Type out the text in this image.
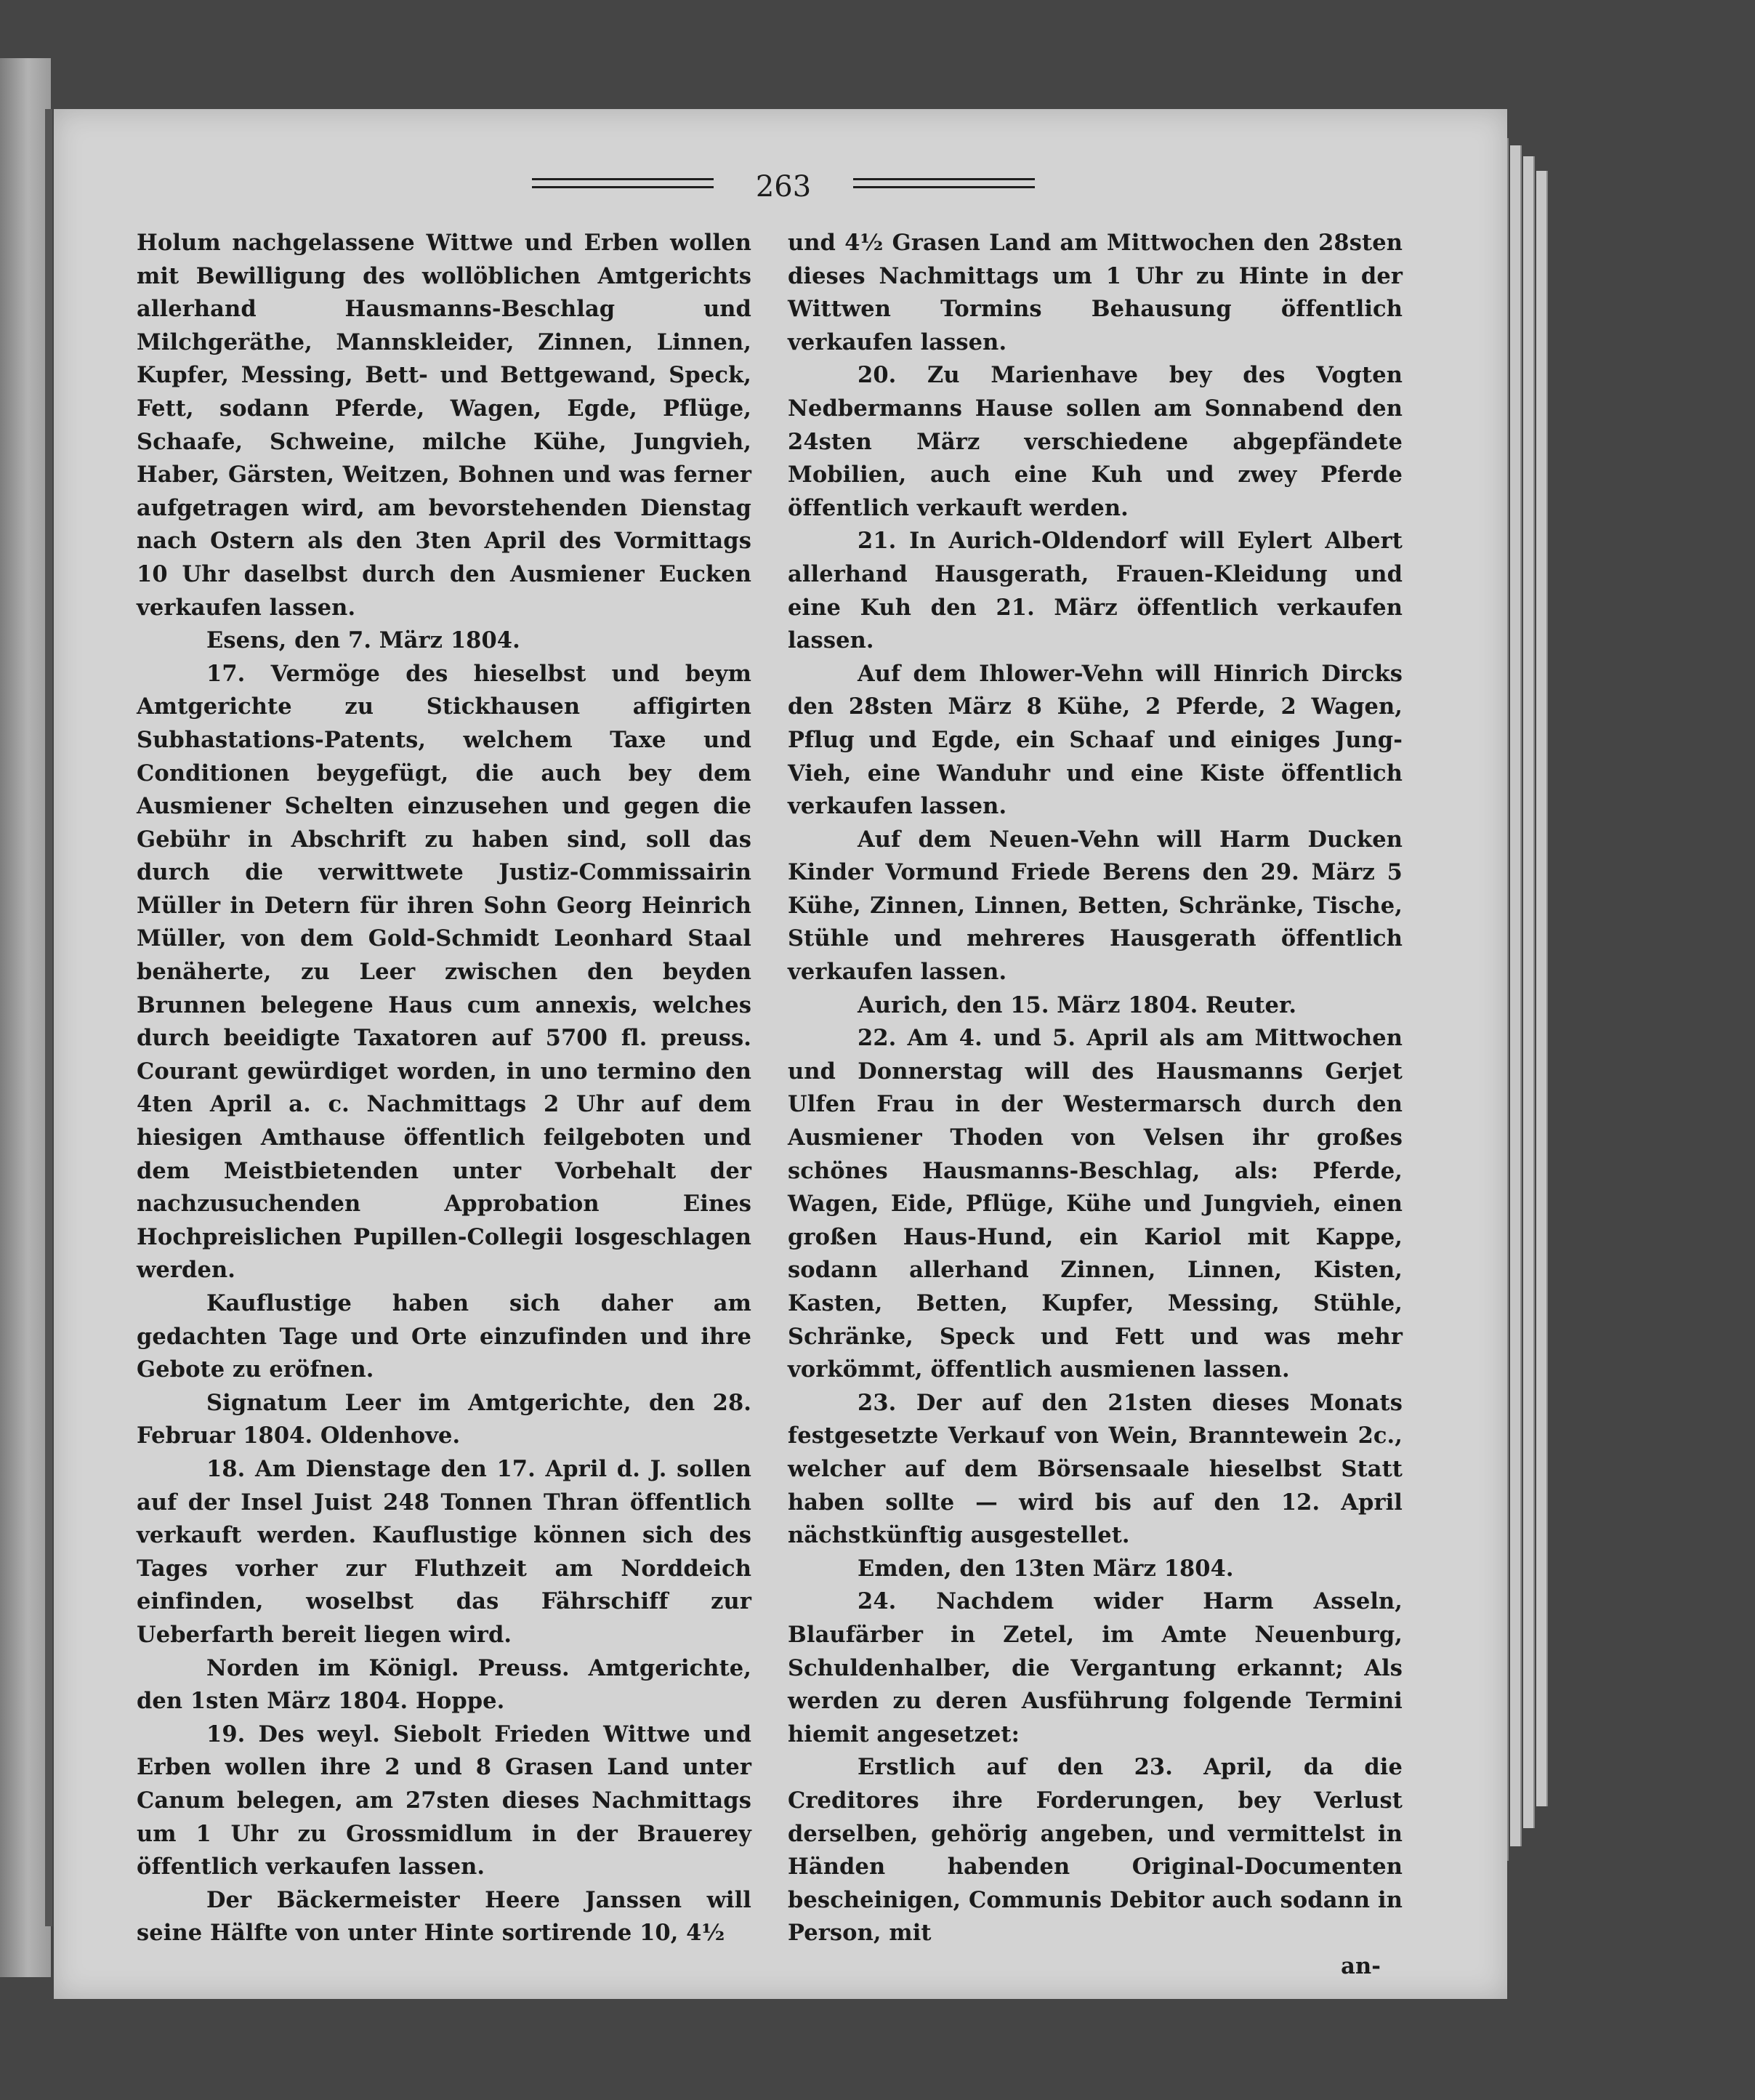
263

Holum nachgelassene Wittwe und Erben wollen mit Bewilligung des wollöblichen Amtgerichts allerhand Hausmanns-Beschlag und Milchgeräthe, Mannskleider, Zinnen, Linnen, Kupfer, Messing, Bett- und Bettgewand, Speck, Fett, sodann Pferde, Wagen, Egde, Pflüge, Schaafe, Schweine, milche Kühe, Jungvieh, Haber, Gärsten, Weitzen, Bohnen und was ferner aufgetragen wird, am bevorstehenden Dienstag nach Ostern als den 3ten April des Vormittags 10 Uhr daselbst durch den Ausmiener Eucken verkaufen lassen.

Esens, den 7. März 1804.

17. Vermöge des hieselbst und beym Amtgerichte zu Stickhausen affigirten Subhastations-Patents, welchem Taxe und Conditionen beygefügt, die auch bey dem Ausmiener Schelten einzusehen und gegen die Gebühr in Abschrift zu haben sind, soll das durch die verwittwete Justiz-Commissairin Müller in Detern für ihren Sohn Georg Heinrich Müller, von dem Gold-Schmidt Leonhard Staal benäherte, zu Leer zwischen den beyden Brunnen belegene Haus cum annexis, welches durch beeidigte Taxatoren auf 5700 fl. preuss. Courant gewürdiget worden, in uno termino den 4ten April a. c. Nachmittags 2 Uhr auf dem hiesigen Amthause öffentlich feilgeboten und dem Meistbietenden unter Vorbehalt der nachzusuchenden Approbation Eines Hochpreislichen Pupillen-Collegii losgeschlagen werden.

Kauflustige haben sich daher am gedachten Tage und Orte einzufinden und ihre Gebote zu eröfnen.

Signatum Leer im Amtgerichte, den 28. Februar 1804. Oldenhove.

18. Am Dienstage den 17. April d. J. sollen auf der Insel Juist 248 Tonnen Thran öffentlich verkauft werden. Kauflustige können sich des Tages vorher zur Fluthzeit am Norddeich einfinden, woselbst das Fährschiff zur Ueberfarth bereit liegen wird.

Norden im Königl. Preuss. Amtgerichte, den 1sten März 1804. Hoppe.

19. Des weyl. Siebolt Frieden Wittwe und Erben wollen ihre 2 und 8 Grasen Land unter Canum belegen, am 27sten dieses Nachmittags um 1 Uhr zu Grossmidlum in der Brauerey öffentlich verkaufen lassen.

Der Bäckermeister Heere Janssen will seine Hälfte von unter Hinte sortirende 10, 4½

und 4½ Grasen Land am Mittwochen den 28sten dieses Nachmittags um 1 Uhr zu Hinte in der Wittwen Tormins Behausung öffentlich verkaufen lassen.

20. Zu Marienhave bey des Vogten Nedbermanns Hause sollen am Sonnabend den 24sten März verschiedene abgepfändete Mobilien, auch eine Kuh und zwey Pferde öffentlich verkauft werden.

21. In Aurich-Oldendorf will Eylert Albert allerhand Hausgerath, Frauen-Kleidung und eine Kuh den 21. März öffentlich verkaufen lassen.

Auf dem Ihlower-Vehn will Hinrich Dircks den 28sten März 8 Kühe, 2 Pferde, 2 Wagen, Pflug und Egde, ein Schaaf und einiges Jung-Vieh, eine Wanduhr und eine Kiste öffentlich verkaufen lassen.

Auf dem Neuen-Vehn will Harm Ducken Kinder Vormund Friede Berens den 29. März 5 Kühe, Zinnen, Linnen, Betten, Schränke, Tische, Stühle und mehreres Hausgerath öffentlich verkaufen lassen.

Aurich, den 15. März 1804. Reuter.

22. Am 4. und 5. April als am Mittwochen und Donnerstag will des Hausmanns Gerjet Ulfen Frau in der Westermarsch durch den Ausmiener Thoden von Velsen ihr großes schönes Hausmanns-Beschlag, als: Pferde, Wagen, Eide, Pflüge, Kühe und Jungvieh, einen großen Haus-Hund, ein Kariol mit Kappe, sodann allerhand Zinnen, Linnen, Kisten, Kasten, Betten, Kupfer, Messing, Stühle, Schränke, Speck und Fett und was mehr vorkömmt, öffentlich ausmienen lassen.

23. Der auf den 21sten dieses Monats festgesetzte Verkauf von Wein, Branntewein 2c., welcher auf dem Börsensaale hieselbst Statt haben sollte — wird bis auf den 12. April nächstkünftig ausgestellet.

Emden, den 13ten März 1804.

24. Nachdem wider Harm Asseln, Blaufärber in Zetel, im Amte Neuenburg, Schuldenhalber, die Vergantung erkannt; Als werden zu deren Ausführung folgende Termini hiemit angesetzet:

Erstlich auf den 23. April, da die Creditores ihre Forderungen, bey Verlust derselben, gehörig angeben, und vermittelst in Händen habenden Original-Documenten bescheinigen, Communis Debitor auch sodann in Person, mit

an-
